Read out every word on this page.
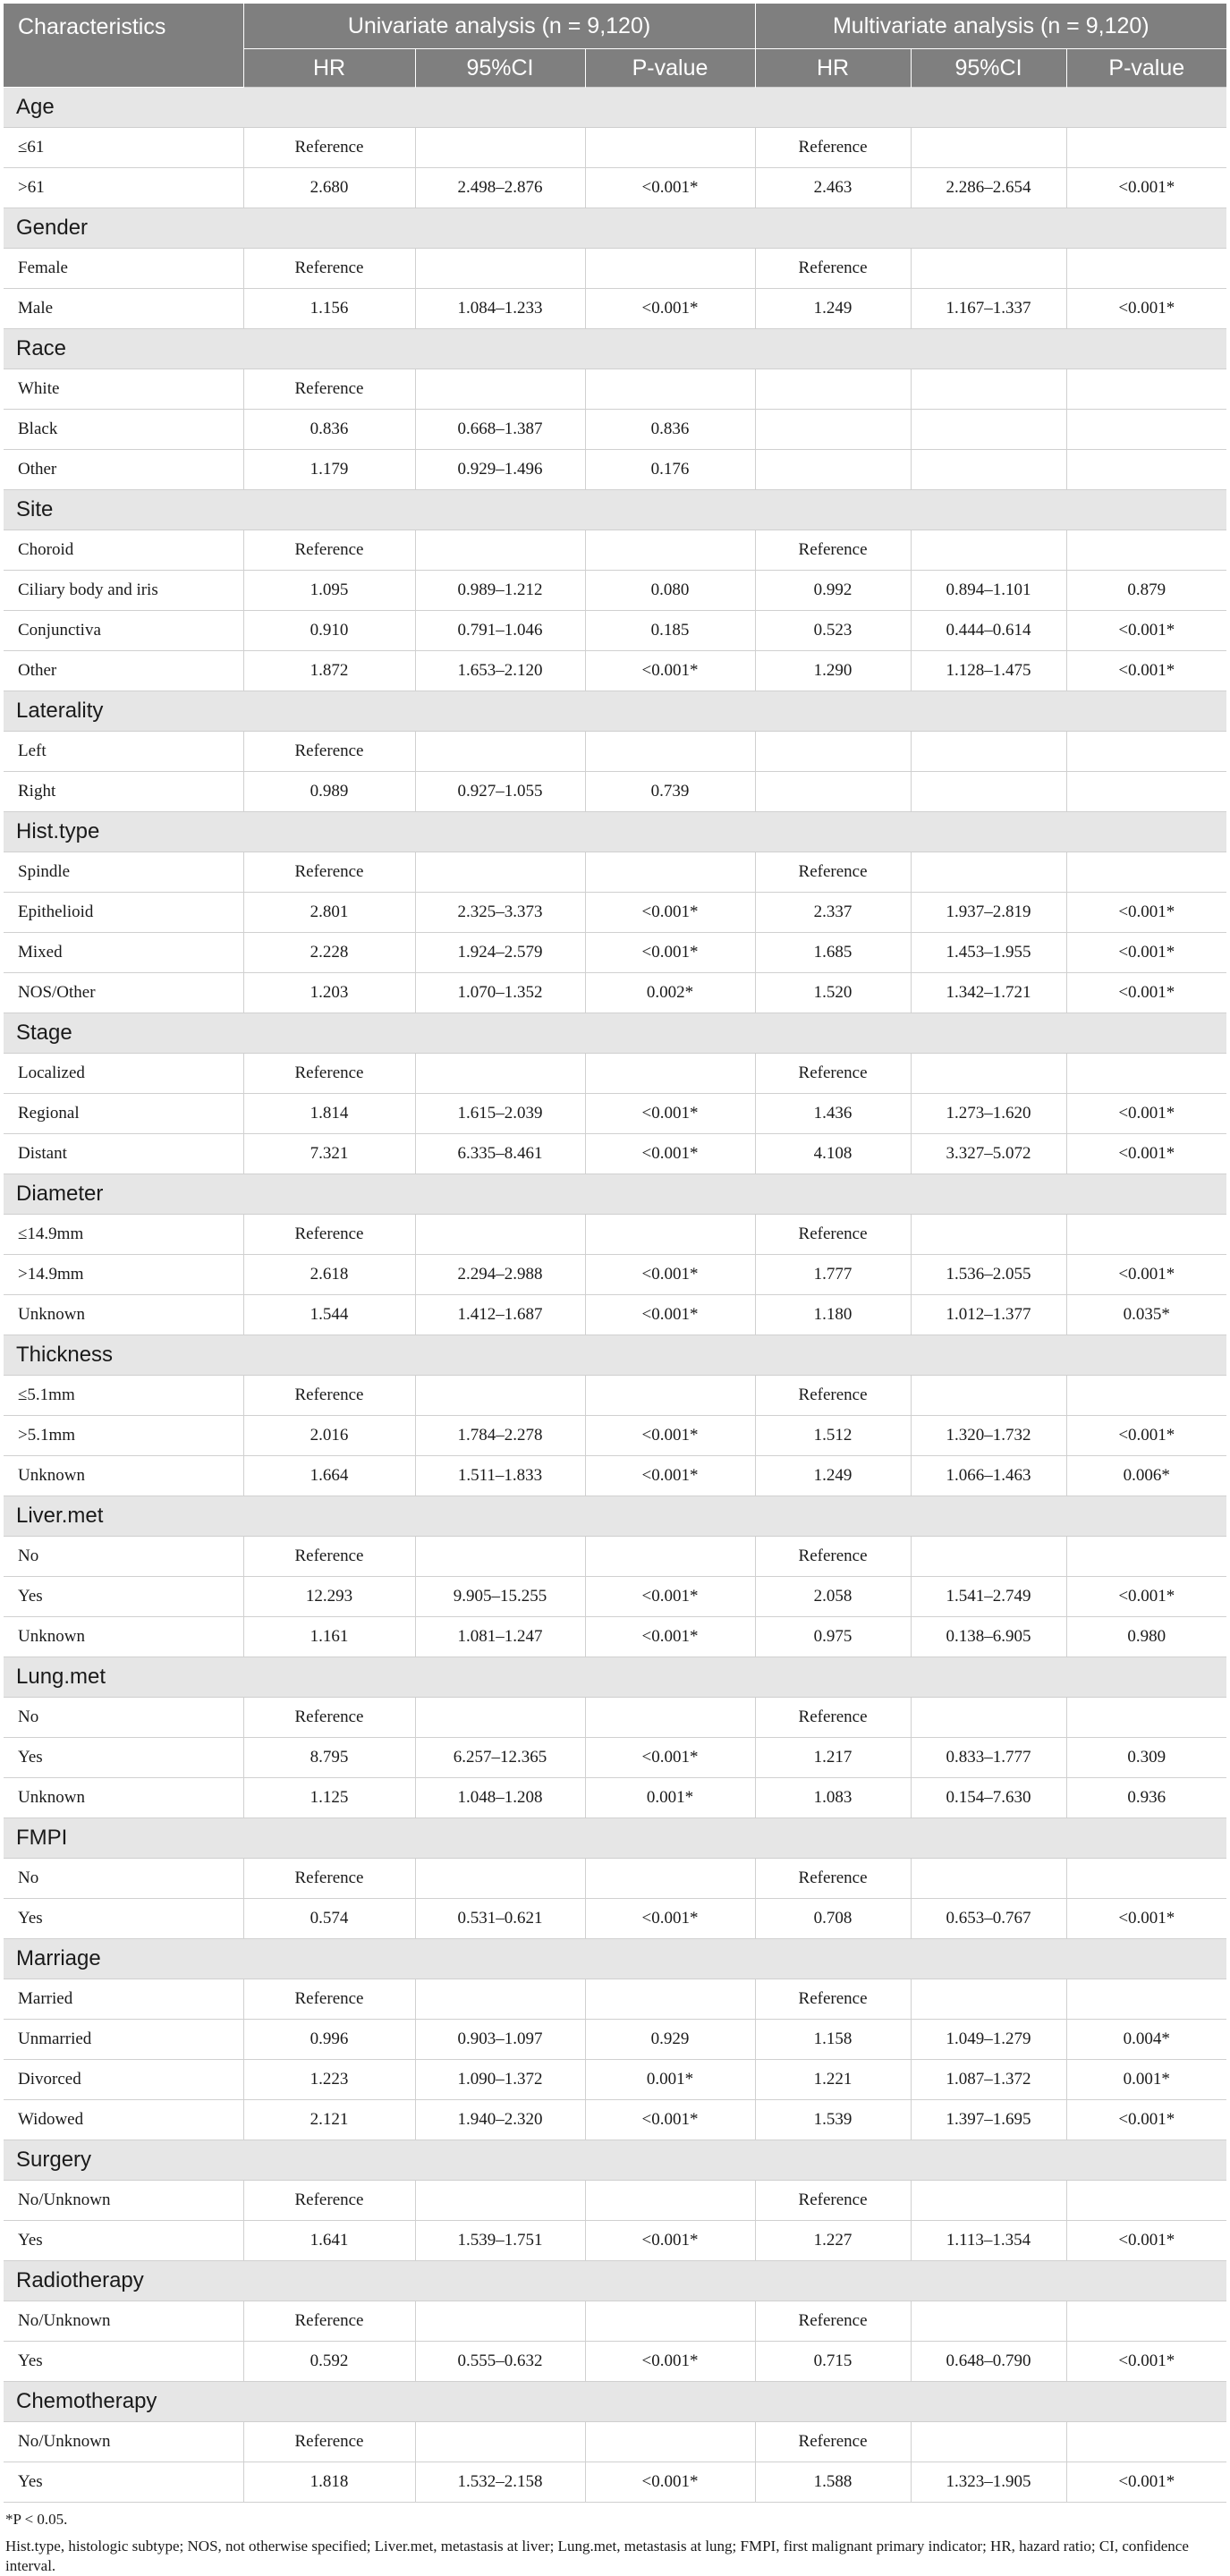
Characteristics	Univariate analysis (n = 9,120)			Multivariate analysis (n = 9,120)		
	HR	95%CI	P-value	HR	95%CI	P-value
Age						
≤61	Reference			Reference		
>61	2.680	2.498–2.876	<0.001*	2.463	2.286–2.654	<0.001*
Gender						
Female	Reference			Reference		
Male	1.156	1.084–1.233	<0.001*	1.249	1.167–1.337	<0.001*
Race						
White	Reference					
Black	0.836	0.668–1.387	0.836			
Other	1.179	0.929–1.496	0.176			
Site						
Choroid	Reference			Reference		
Ciliary body and iris	1.095	0.989–1.212	0.080	0.992	0.894–1.101	0.879
Conjunctiva	0.910	0.791–1.046	0.185	0.523	0.444–0.614	<0.001*
Other	1.872	1.653–2.120	<0.001*	1.290	1.128–1.475	<0.001*
Laterality						
Left	Reference					
Right	0.989	0.927–1.055	0.739			
Hist.type						
Spindle	Reference			Reference		
Epithelioid	2.801	2.325–3.373	<0.001*	2.337	1.937–2.819	<0.001*
Mixed	2.228	1.924–2.579	<0.001*	1.685	1.453–1.955	<0.001*
NOS/Other	1.203	1.070–1.352	0.002*	1.520	1.342–1.721	<0.001*
Stage						
Localized	Reference			Reference		
Regional	1.814	1.615–2.039	<0.001*	1.436	1.273–1.620	<0.001*
Distant	7.321	6.335–8.461	<0.001*	4.108	3.327–5.072	<0.001*
Diameter						
≤14.9mm	Reference			Reference		
>14.9mm	2.618	2.294–2.988	<0.001*	1.777	1.536–2.055	<0.001*
Unknown	1.544	1.412–1.687	<0.001*	1.180	1.012–1.377	0.035*
Thickness						
≤5.1mm	Reference			Reference		
>5.1mm	2.016	1.784–2.278	<0.001*	1.512	1.320–1.732	<0.001*
Unknown	1.664	1.511–1.833	<0.001*	1.249	1.066–1.463	0.006*
Liver.met						
No	Reference			Reference		
Yes	12.293	9.905–15.255	<0.001*	2.058	1.541–2.749	<0.001*
Unknown	1.161	1.081–1.247	<0.001*	0.975	0.138–6.905	0.980
Lung.met						
No	Reference			Reference		
Yes	8.795	6.257–12.365	<0.001*	1.217	0.833–1.777	0.309
Unknown	1.125	1.048–1.208	0.001*	1.083	0.154–7.630	0.936
FMPI						
No	Reference			Reference		
Yes	0.574	0.531–0.621	<0.001*	0.708	0.653–0.767	<0.001*
Marriage						
Married	Reference			Reference		
Unmarried	0.996	0.903–1.097	0.929	1.158	1.049–1.279	0.004*
Divorced	1.223	1.090–1.372	0.001*	1.221	1.087–1.372	0.001*
Widowed	2.121	1.940–2.320	<0.001*	1.539	1.397–1.695	<0.001*
Surgery						
No/Unknown	Reference			Reference		
Yes	1.641	1.539–1.751	<0.001*	1.227	1.113–1.354	<0.001*
Radiotherapy						
No/Unknown	Reference			Reference		
Yes	0.592	0.555–0.632	<0.001*	0.715	0.648–0.790	<0.001*
Chemotherapy						
No/Unknown	Reference			Reference		
Yes	1.818	1.532–2.158	<0.001*	1.588	1.323–1.905	<0.001*
*P < 0.05.
Hist.type, histologic subtype; NOS, not otherwise specified; Liver.met, metastasis at liver; Lung.met, metastasis at lung; FMPI, first malignant primary indicator; HR, hazard ratio; CI, confidence interval.
